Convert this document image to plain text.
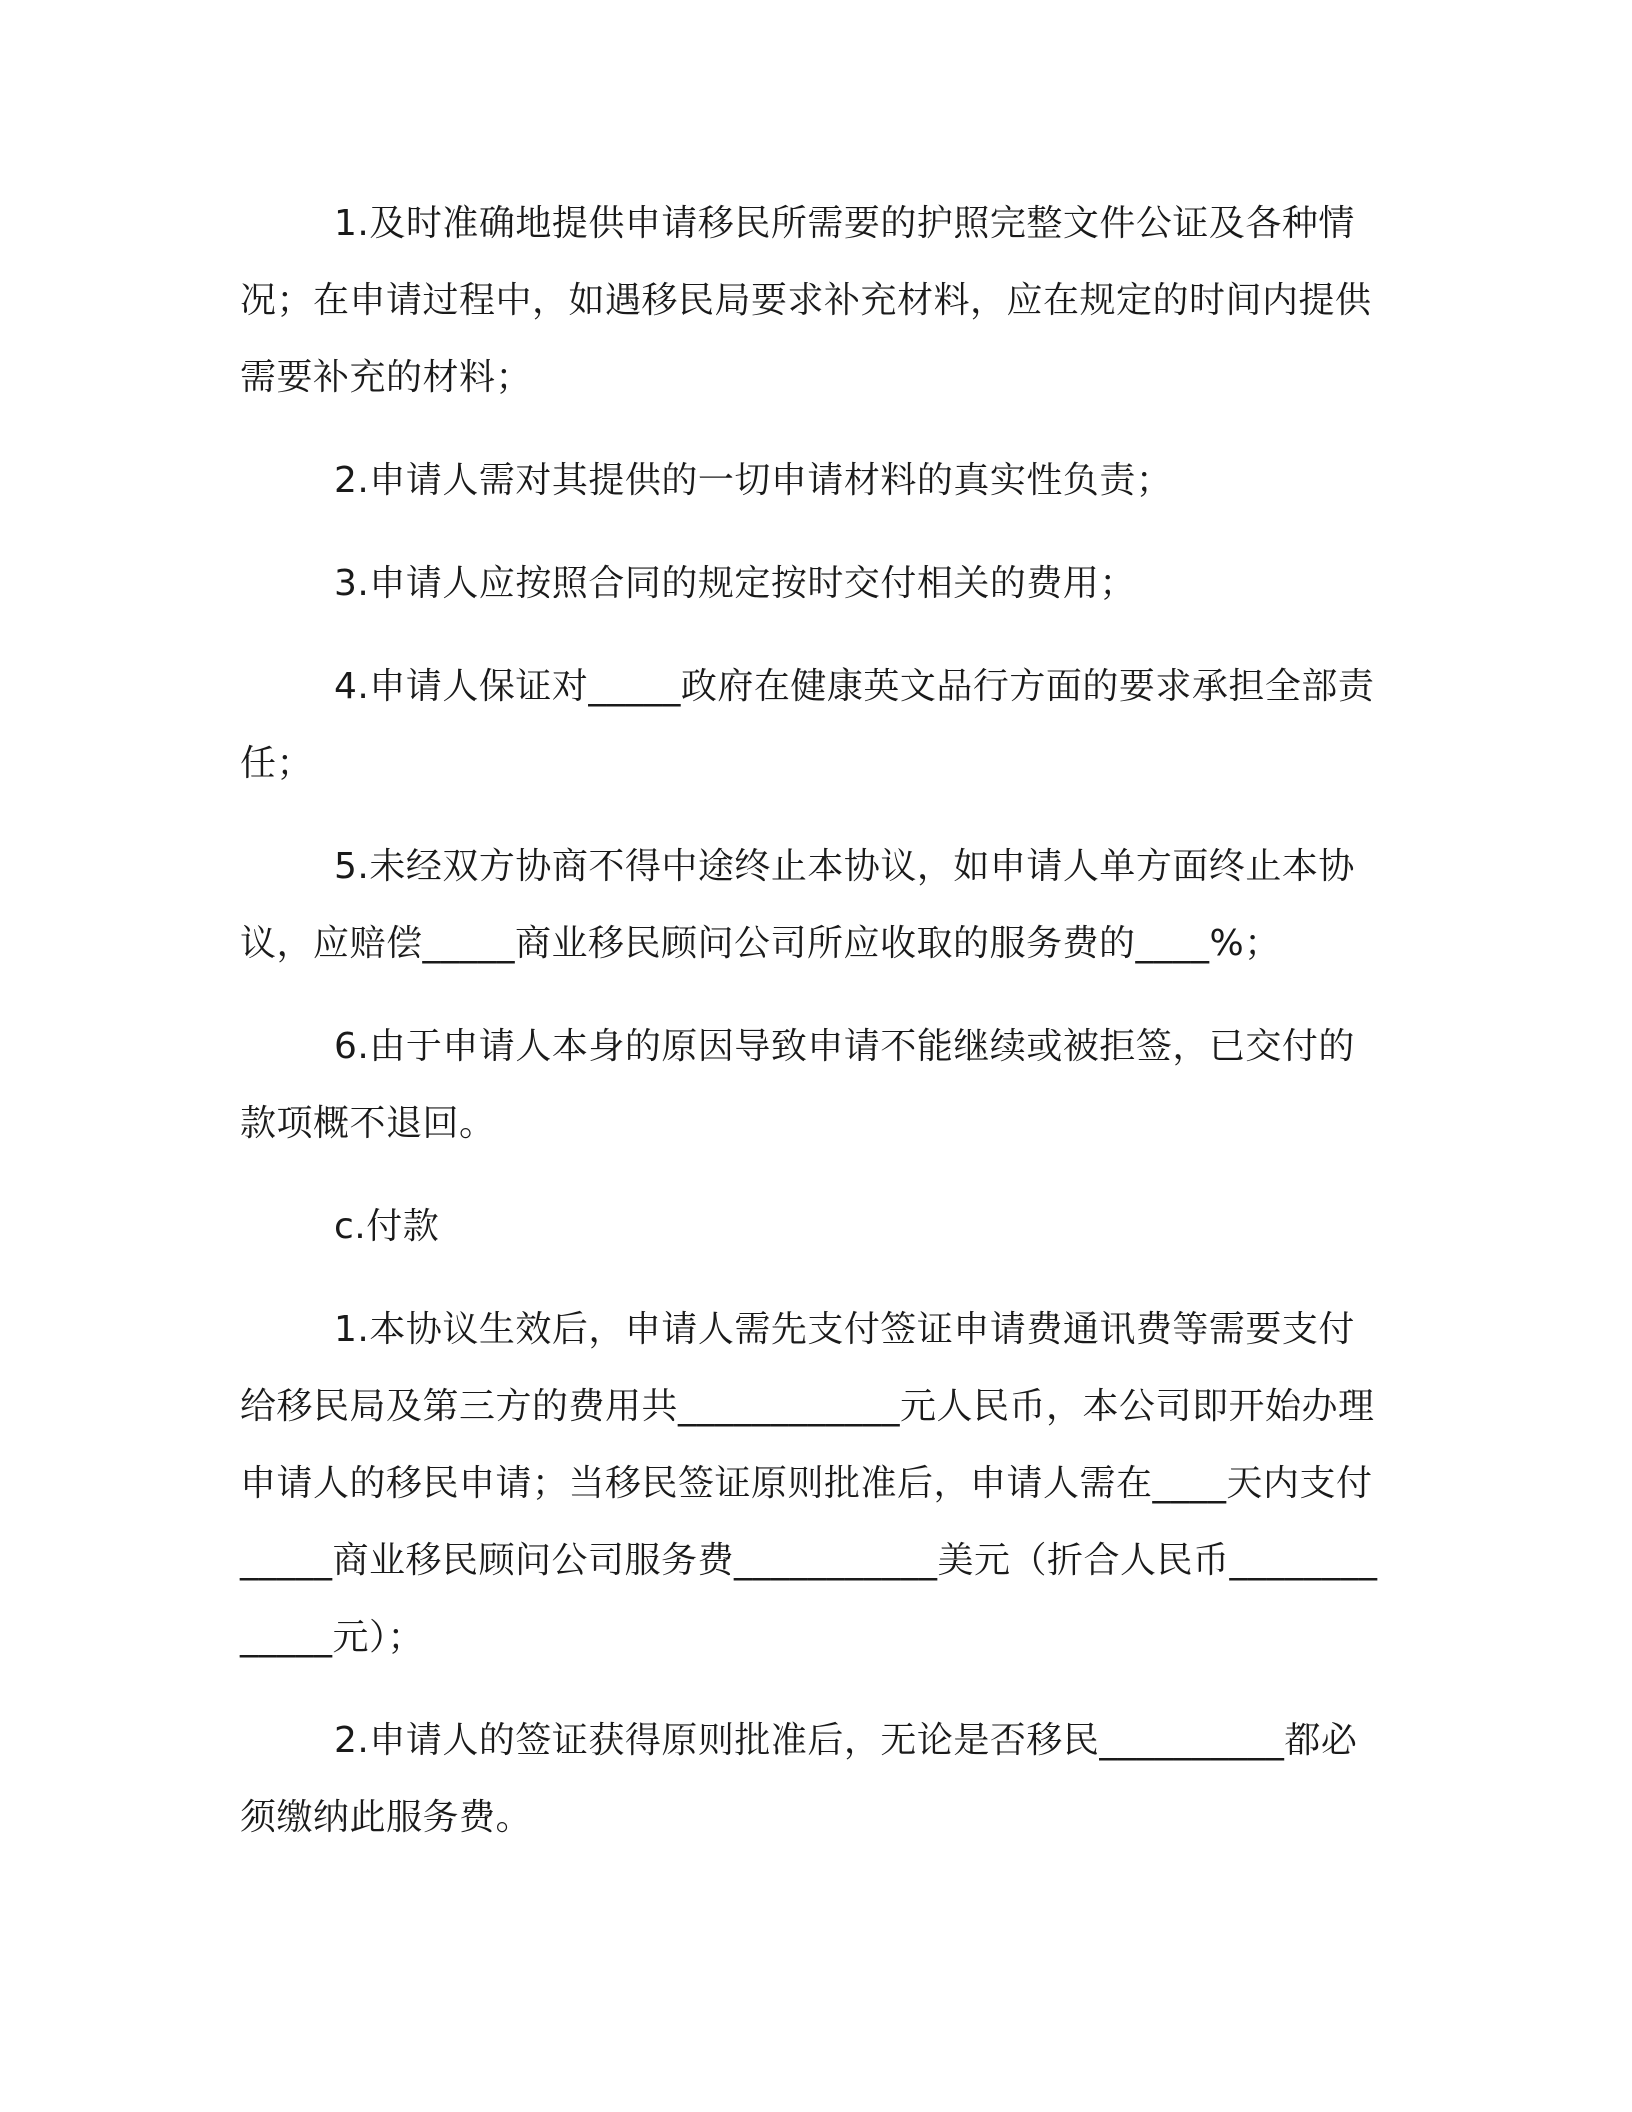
1.及时准确地提供申请移民所需要的护照完整文件公证及各种情况；在申请过程中，如遇移民局要求补充材料，应在规定的时间内提供需要补充的材料；

2.申请人需对其提供的一切申请材料的真实性负责；

3.申请人应按照合同的规定按时交付相关的费用；

4.申请人保证对_____政府在健康英文品行方面的要求承担全部责任；

5.未经双方协商不得中途终止本协议，如申请人单方面终止本协议，应赔偿_____商业移民顾问公司所应收取的服务费的____%；

6.由于申请人本身的原因导致申请不能继续或被拒签，已交付的款项概不退回。

c.付款

1.本协议生效后，申请人需先支付签证申请费通讯费等需要支付给移民局及第三方的费用共____________元人民币，本公司即开始办理申请人的移民申请；当移民签证原则批准后，申请人需在____天内支付_____商业移民顾问公司服务费___________美元（折合人民币_____________元）；

2.申请人的签证获得原则批准后，无论是否移民__________都必须缴纳此服务费。
